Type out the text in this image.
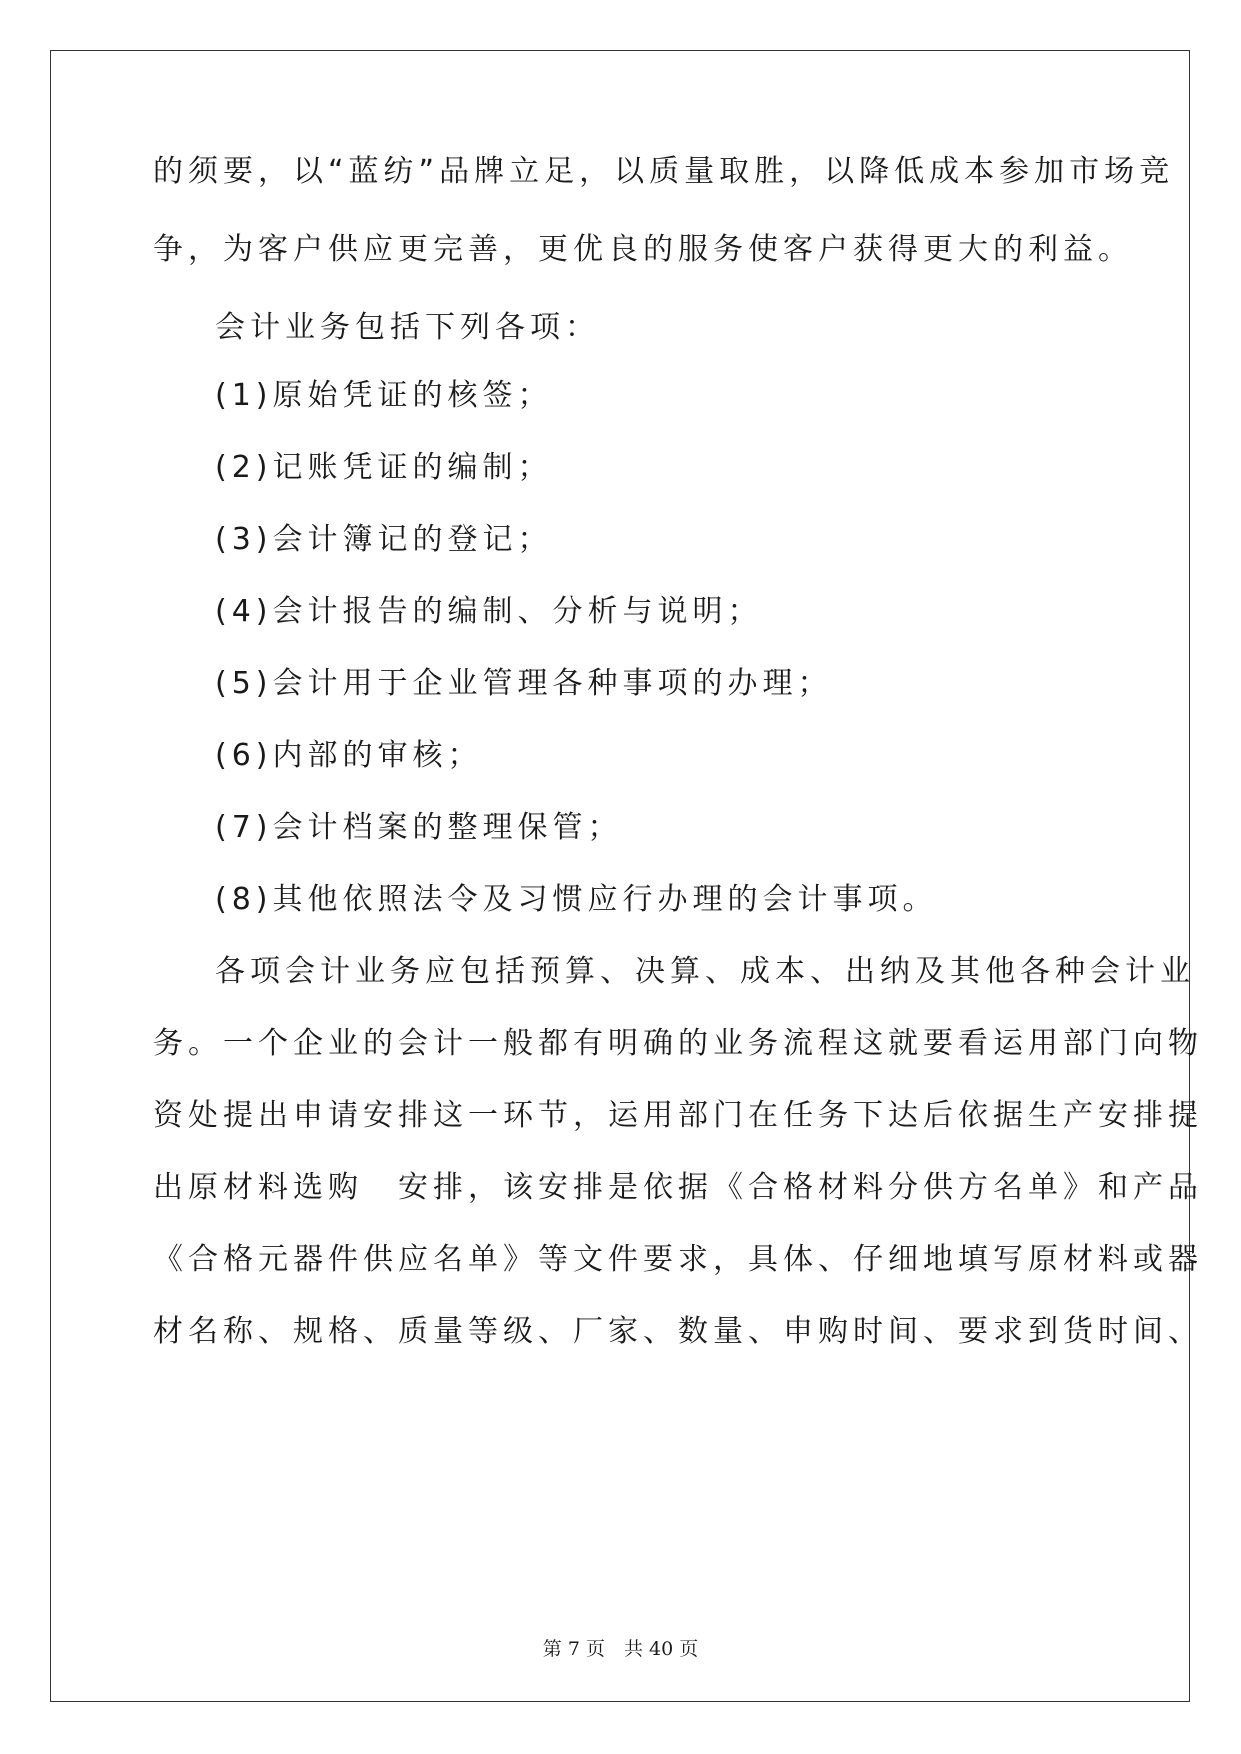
的须要，以“蓝纺”品牌立足，以质量取胜，以降低成本参加市场竞
争，为客户供应更完善，更优良的服务使客户获得更大的利益。
会计业务包括下列各项：
(1)原始凭证的核签；
(2)记账凭证的编制；
(3)会计簿记的登记；
(4)会计报告的编制、分析与说明；
(5)会计用于企业管理各种事项的办理；
(6)内部的审核；
(7)会计档案的整理保管；
(8)其他依照法令及习惯应行办理的会计事项。
各项会计业务应包括预算、决算、成本、出纳及其他各种会计业
务。一个企业的会计一般都有明确的业务流程这就要看运用部门向物
资处提出申请安排这一环节，运用部门在任务下达后依据生产安排提
出原材料选购　安排，该安排是依据《合格材料分供方名单》和产品
《合格元器件供应名单》等文件要求，具体、仔细地填写原材料或器
材名称、规格、质量等级、厂家、数量、申购时间、要求到货时间、
第 7 页　共 40 页
